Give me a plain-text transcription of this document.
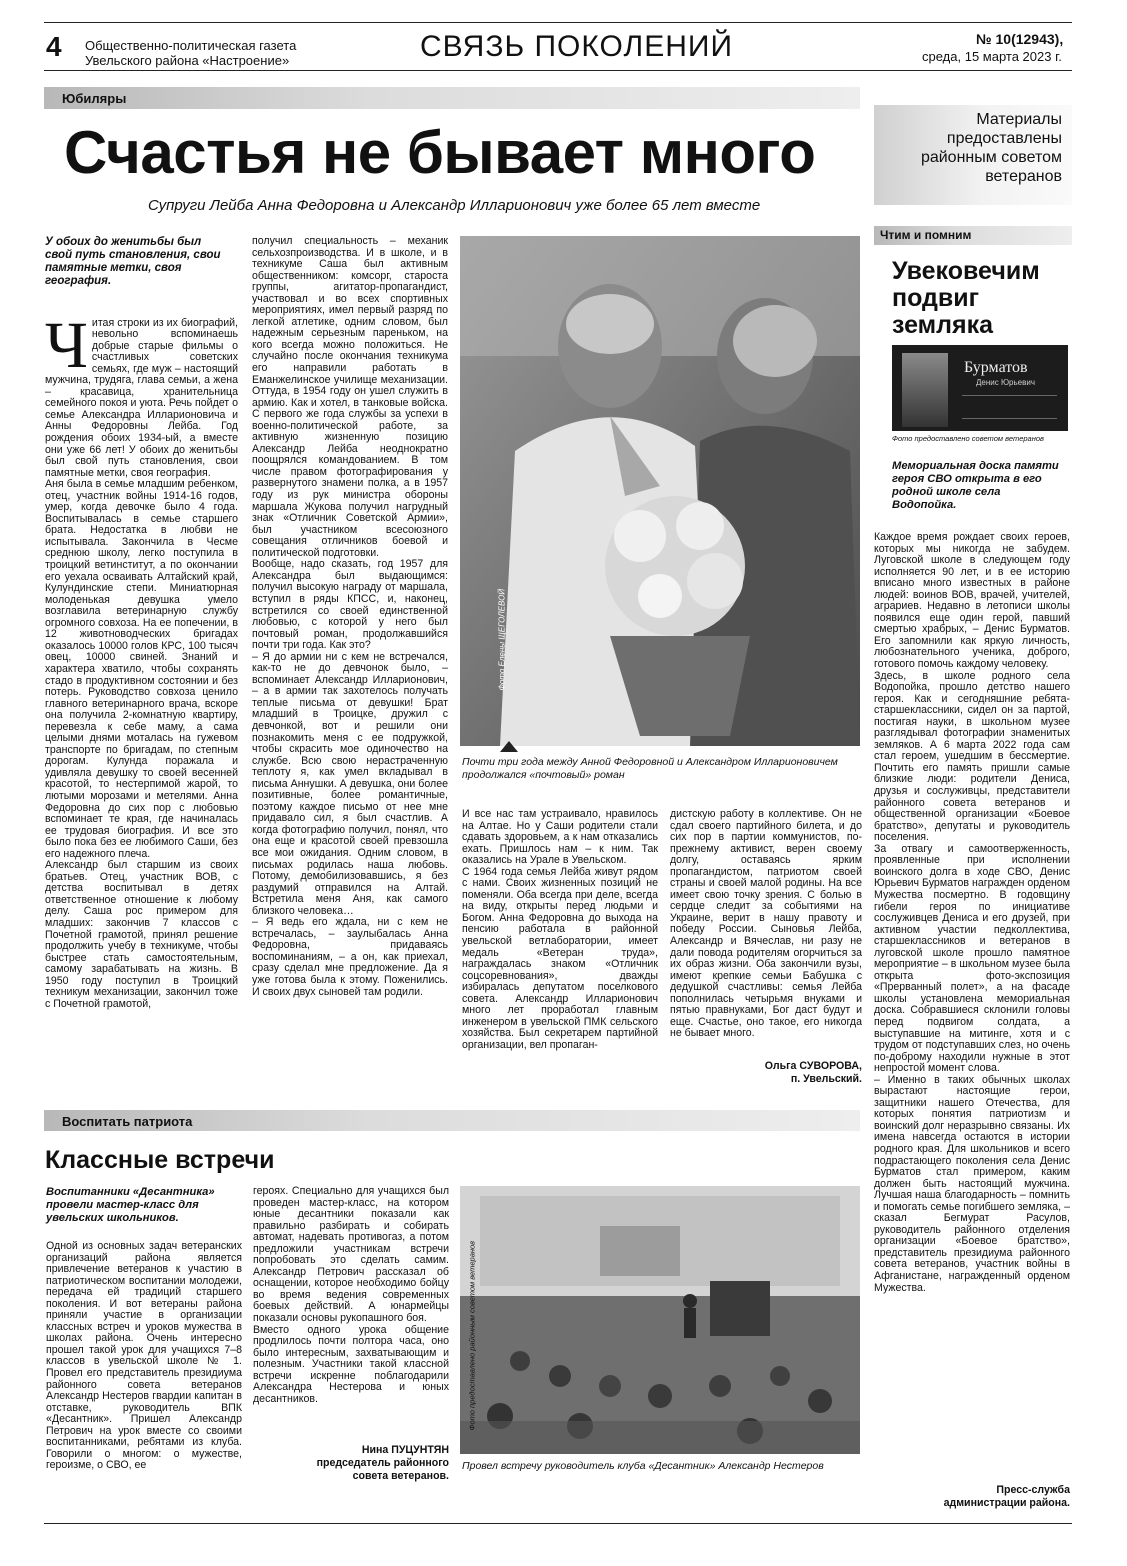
4 Общественно-политическая газета
Увельского района «Настроение»	СВЯЗЬ ПОКОЛЕНИЙ	№ 10(12943),
среда, 15 марта 2023 г.
Юбиляры
Счастья не бывает много
Супруги Лейба Анна Федоровна и Александр Илларионович уже более 65 лет вместе
У обоих до женитьбы был свой путь становления, свои памятные метки, своя география.

Читая строки из их биографий, невольно вспоминаешь добрые старые фильмы о счастливых советских семьях, где муж – настоящий мужчина, трудяга, глава семьи, а жена – красавица, хранительница семейного покоя и уюта. Речь пойдет о семье Александра Илларионовича и Анны Федоровны Лейба. Год рождения обоих 1934-ый, а вместе они уже 66 лет! У обоих до женитьбы был свой путь становления, свои памятные метки, своя география.
Аня была в семье младшим ребенком, отец, участник войны 1914-16 годов, умер, когда девочке было 4 года. Воспитывалась в семье старшего брата. Недостатка в любви не испытывала. Закончила в Чесме среднюю школу, легко поступила в троицкий ветинститут, а по окончании его уехала осваивать Алтайский край, Кулундинские степи. Миниатюрная молоденькая девушка умело возглавила ветеринарную службу огромного совхоза. На ее попечении, в 12 животноводческих бригадах оказалось 10000 голов КРС, 100 тысяч овец, 10000 свиней. Знаний и характера хватило, чтобы сохранять стадо в продуктивном состоянии и без потерь. Руководство совхоза ценило главного ветеринарного врача, вскоре она получила 2-комнатную квартиру, перевезла к себе маму, а сама целыми днями моталась на гужевом транспорте по бригадам, по степным дорогам. Кулунда поражала и удивляла девушку то своей весенней красотой, то нестерпимой жарой, то лютыми морозами и метелями. Анна Федоровна до сих пор с любовью вспоминает те края, где начиналась ее трудовая биография. И все это было пока без ее любимого Саши, без его надежного плеча.
Александр был старшим из своих братьев. Отец, участник ВОВ, с детства воспитывал в детях ответственное отношение к любому делу. Саша рос примером для младших: закончив 7 классов с Почетной грамотой, принял решение продолжить учебу в техникуме, чтобы быстрее стать самостоятельным, самому зарабатывать на жизнь. В 1950 году поступил в Троицкий техникум механизации, закончил тоже с Почетной грамотой,

получил специальность – механик сельхозпроизводства. И в школе, и в техникуме Саша был активным общественником: комсорг, староста группы, агитатор-пропагандист, участвовал и во всех спортивных мероприятиях, имел первый разряд по легкой атлетике, одним словом, был надежным серьезным пареньком, на кого всегда можно положиться. Не случайно после окончания техникума его направили работать в Еманжелинское училище механизации. Оттуда, в 1954 году он ушел служить в армию. Как и хотел, в танковые войска. С первого же года службы за успехи в военно-политической работе, за активную жизненную позицию Александр Лейба неоднократно поощрялся командованием. В том числе правом фотографирования у развернутого знамени полка, а в 1957 году из рук министра обороны маршала Жукова получил нагрудный знак «Отличник Советской Армии», был участником всесоюзного совещания отличников боевой и политической подготовки.
Вообще, надо сказать, год 1957 для Александра был выдающимся: получил высокую награду от маршала, вступил в ряды КПСС, и, наконец, встретился со своей единственной любовью, с которой у него был почтовый роман, продолжавшийся почти три года. Как это?
– Я до армии ни с кем не встречался, как-то не до девчонок было, – вспоминает Александр Илларионович, – а в армии так захотелось получать теплые письма от девушки! Брат младший в Троицке, дружил с девчонкой, вот и решили они познакомить меня с ее подружкой, чтобы скрасить мое одиночество на службе. Всю свою нерастраченную теплоту я, как умел вкладывал в письма Аннушки. А девушка, они более позитивные, более романтичные, поэтому каждое письмо от нее мне придавало сил, я был счастлив. А когда фотографию получил, понял, что она еще и красотой своей превзошла все мои ожидания. Одним словом, в письмах родилась наша любовь. Потому, демобилизовавшись, я без раздумий отправился на Алтай. Встретила меня Аня, как самого близкого человека…
– Я ведь его ждала, ни с кем не встречалась, – заулыбалась Анна Федоровна, придаваясь воспоминаниям, – а он, как приехал, сразу сделал мне предложение. Да я уже готова была к этому. Поженились. И своих двух сыновей там родили.
Фото Елены ЩЕГОЛЕВОЙ
Почти три года между Анной Федоровной и Александром Илларионовичем
продолжался «почтовый» роман
И все нас там устраивало, нравилось на Алтае. Но у Саши родители стали сдавать здоровьем, а к нам отказались ехать. Пришлось нам – к ним. Так оказались на Урале в Увельском.
С 1964 года семья Лейба живут рядом с нами. Своих жизненных позиций не поменяли. Оба всегда при деле, всегда на виду, открыты перед людьми и Богом. Анна Федоровна до выхода на пенсию работала в районной увельской ветлаборатории, имеет медаль «Ветеран труда», награждалась знаком «Отличник соцсоревнования», дважды избиралась депутатом поселкового совета. Александр Илларионович много лет проработал главным инженером в увельской ПМК сельского хозяйства. Был секретарем партийной организации, вел пропаган-
дистскую работу в коллективе. Он не сдал своего партийного билета, и до сих пор в партии коммунистов, по-прежнему активист, верен своему долгу, оставаясь ярким пропагандистом, патриотом своей страны и своей малой родины. На все имеет свою точку зрения. С болью в сердце следит за событиями на Украине, верит в нашу правоту и победу России. Сыновья Лейба, Александр и Вячеслав, ни разу не дали повода родителям огорчиться за их образ жизни. Оба закончили вузы, имеют крепкие семьи Бабушка с дедушкой счастливы: семья Лейба пополнилась четырьмя внуками и пятью правнуками, Бог даст будут и еще. Счастье, оно такое, его никогда не бывает много.
Ольга СУВОРОВА,
п. Увельский.
Материалы
предоставлены
районным советом
ветеранов
Чтим и помним
Увековечим
подвиг
земляка
Бурматов
Денис Юрьевич
Фото предоставлено советом ветеранов
Мемориальная доска памяти героя СВО открыта в его родной школе села Водопойка.
Каждое время рождает своих героев, которых мы никогда не забудем. Луговской школе в следующем году исполняется 90 лет, и в ее историю вписано много известных в районе людей: воинов ВОВ, врачей, учителей, аграриев. Недавно в летописи школы появился еще один герой, павший смертью храбрых, – Денис Бурматов. Его запомнили как яркую личность, любознательного ученика, доброго, готового помочь каждому человеку.
Здесь, в школе родного села Водопойка, прошло детство нашего героя. Как и сегодняшние ребята-старшеклассники, сидел он за партой, постигая науки, в школьном музее разглядывал фотографии знаменитых земляков. А 6 марта 2022 года сам стал героем, ушедшим в бессмертие. Почтить его память пришли самые близкие люди: родители Дениса, друзья и сослуживцы, представители районного совета ветеранов и общественной организации «Боевое братство», депутаты и руководитель поселения.
За отвагу и самоотверженность, проявленные при исполнении воинского долга в ходе СВО, Денис Юрьевич Бурматов награжден орденом Мужества посмертно. В годовщину гибели героя по инициативе сослуживцев Дениса и его друзей, при активном участии педколлектива, старшеклассников и ветеранов в луговской школе прошло памятное мероприятие – в школьном музее была открыта фото-экспозиция «Прерванный полет», а на фасаде школы установлена мемориальная доска. Собравшиеся склонили головы перед подвигом солдата, а выступавшие на митинге, хотя и с трудом от подступавших слез, но очень по-доброму находили нужные в этот непростой момент слова.
– Именно в таких обычных школах вырастают настоящие герои, защитники нашего Отечества, для которых понятия патриотизм и воинский долг неразрывно связаны. Их имена навсегда остаются в истории родного края. Для школьников и всего подрастающего поколения села Денис Бурматов стал примером, каким должен быть настоящий мужчина. Лучшая наша благодарность – помнить и помогать семье погибшего земляка, – сказал Бегмурат Расулов, руководитель районного отделения организации «Боевое братство», представитель президиума районного совета ветеранов, участник войны в Афганистане, награжденный орденом Мужества.
Пресс-служба
администрации района.
Воспитать патриота
Классные встречи
Воспитанники «Десантника» провели мастер-класс для увельских школьников.
Одной из основных задач ветеранских организаций района является привлечение ветеранов к участию в патриотическом воспитании молодежи, передача ей традиций старшего поколения. И вот ветераны района приняли участие в организации классных встреч и уроков мужества в школах района. Очень интересно прошел такой урок для учащихся 7–8 классов в увельской школе № 1. Провел его представитель президиума районного совета ветеранов Александр Нестеров гвардии капитан в отставке, руководитель ВПК «Десантник». Пришел Александр Петрович на урок вместе со своими воспитанниками, ребятами из клуба. Говорили о многом: о мужестве, героизме, о СВО, ее
героях. Специально для учащихся был проведен мастер-класс, на котором юные десантники показали как правильно разбирать и собирать автомат, надевать противогаз, а потом предложили участникам встречи попробовать это сделать самим. Александр Петрович рассказал об оснащении, которое необходимо бойцу во время ведения современных боевых действий. А юнармейцы показали основы рукопашного боя.
Вместо одного урока общение продлилось почти полтора часа, оно было интересным, захватывающим и полезным. Участники такой классной встречи искренне поблагодарили Александра Нестерова и юных десантников.
Нина ПУЦУНТЯН
председатель районного
совета ветеранов.
Фото предоставлено районным советом ветеранов
Провел встречу руководитель клуба «Десантник» Александр Нестеров
